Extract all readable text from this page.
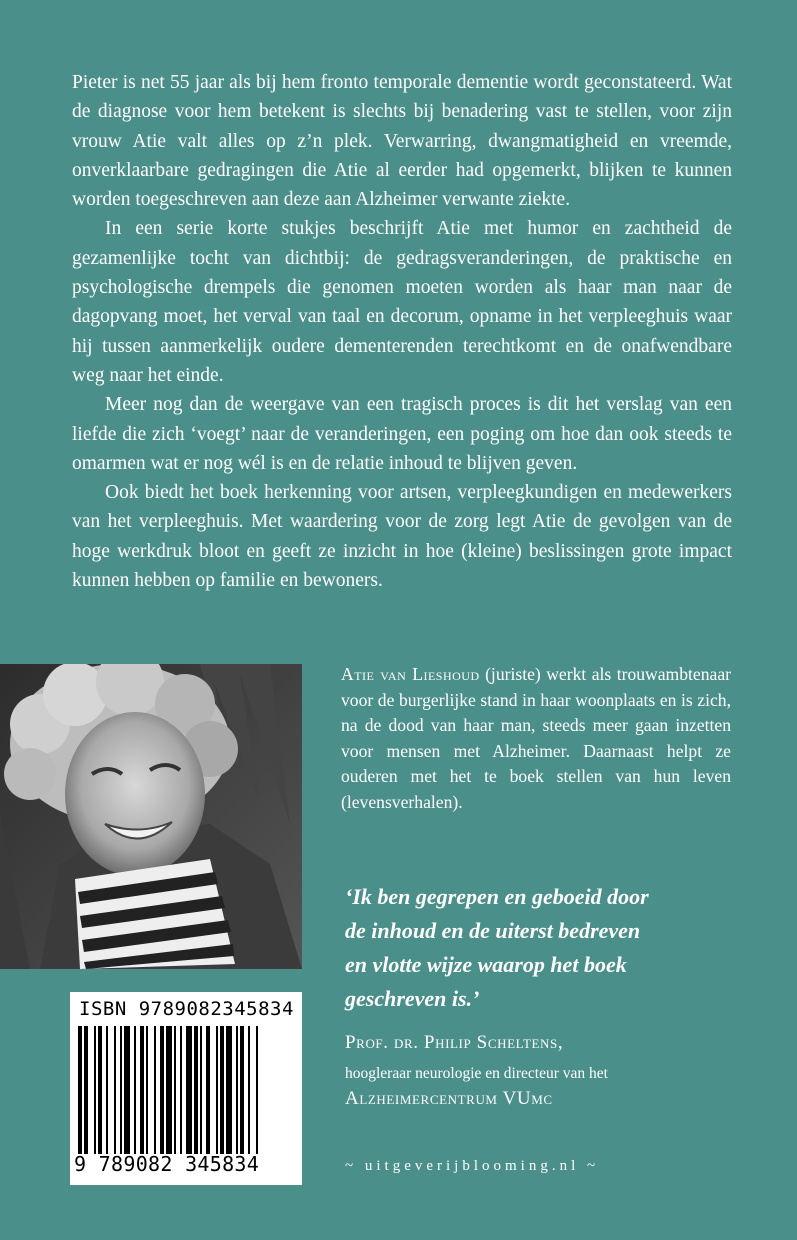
Pieter is net 55 jaar als bij hem fronto temporale dementie wordt geconstateerd. Wat de diagnose voor hem betekent is slechts bij benadering vast te stellen, voor zijn vrouw Atie valt alles op z’n plek. Verwarring, dwangmatigheid en vreemde, onverklaarbare gedragingen die Atie al eerder had opgemerkt, blijken te kunnen worden toegeschreven aan deze aan Alzheimer verwante ziekte.

In een serie korte stukjes beschrijft Atie met humor en zachtheid de gezamenlijke tocht van dichtbij: de gedragsveranderingen, de praktische en psychologische drempels die genomen moeten worden als haar man naar de dagopvang moet, het verval van taal en decorum, opname in het verpleeghuis waar hij tussen aanmerkelijk oudere dementerenden terechtkomt en de onafwendbare weg naar het einde.

Meer nog dan de weergave van een tragisch proces is dit het verslag van een liefde die zich ‘voegt’ naar de veranderingen, een poging om hoe dan ook steeds te omarmen wat er nog wél is en de relatie inhoud te blijven geven.

Ook biedt het boek herkenning voor artsen, verpleegkundigen en medewerkers van het verpleeghuis. Met waardering voor de zorg legt Atie de gevolgen van de hoge werkdruk bloot en geeft ze inzicht in hoe (kleine) beslissingen grote impact kunnen hebben op familie en bewoners.

Atie van Lieshoud (juriste) werkt als trouwambtenaar voor de burgerlijke stand in haar woonplaats en is zich, na de dood van haar man, steeds meer gaan inzetten voor mensen met Alzheimer. Daarnaast helpt ze ouderen met het te boek stellen van hun leven (levensverhalen).

‘Ik ben gegrepen en geboeid door
de inhoud en de uiterst bedreven
en vlotte wijze waarop het boek
geschreven is.’

Prof. dr. Philip Scheltens,
hoogleraar neurologie en directeur van het
Alzheimercentrum VUmc
ISBN 9789082345834
9 789082 345834	~ uitgeverijblooming.nl ~
